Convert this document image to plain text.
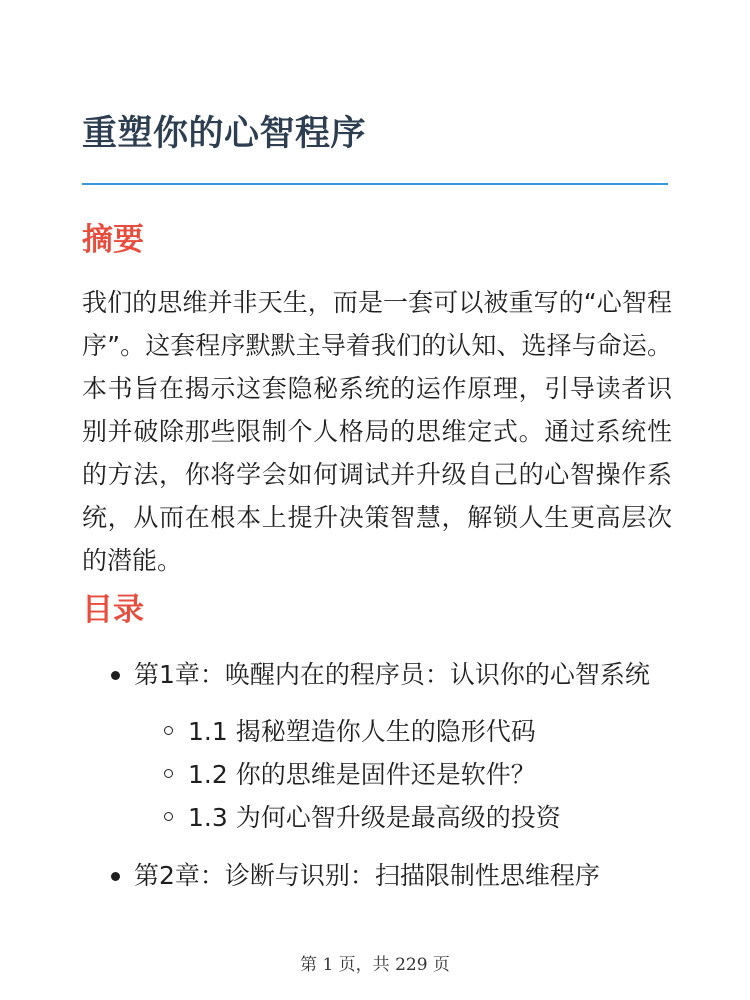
重塑你的心智程序
摘要

我们的思维并非天生，而是一套可以被重写的“心智程序”。这套程序默默主导着我们的认知、选择与命运。本书旨在揭示这套隐秘系统的运作原理，引导读者识别并破除那些限制个人格局的思维定式。通过系统性的方法，你将学会如何调试并升级自己的心智操作系统，从而在根本上提升决策智慧，解锁人生更高层次的潜能。

目录
第1章：唤醒内在的程序员：认识你的心智系统
1.1 揭秘塑造你人生的隐形代码
1.2 你的思维是固件还是软件？
1.3 为何心智升级是最高级的投资
第2章：诊断与识别：扫描限制性思维程序
第 1 页，共 229 页
